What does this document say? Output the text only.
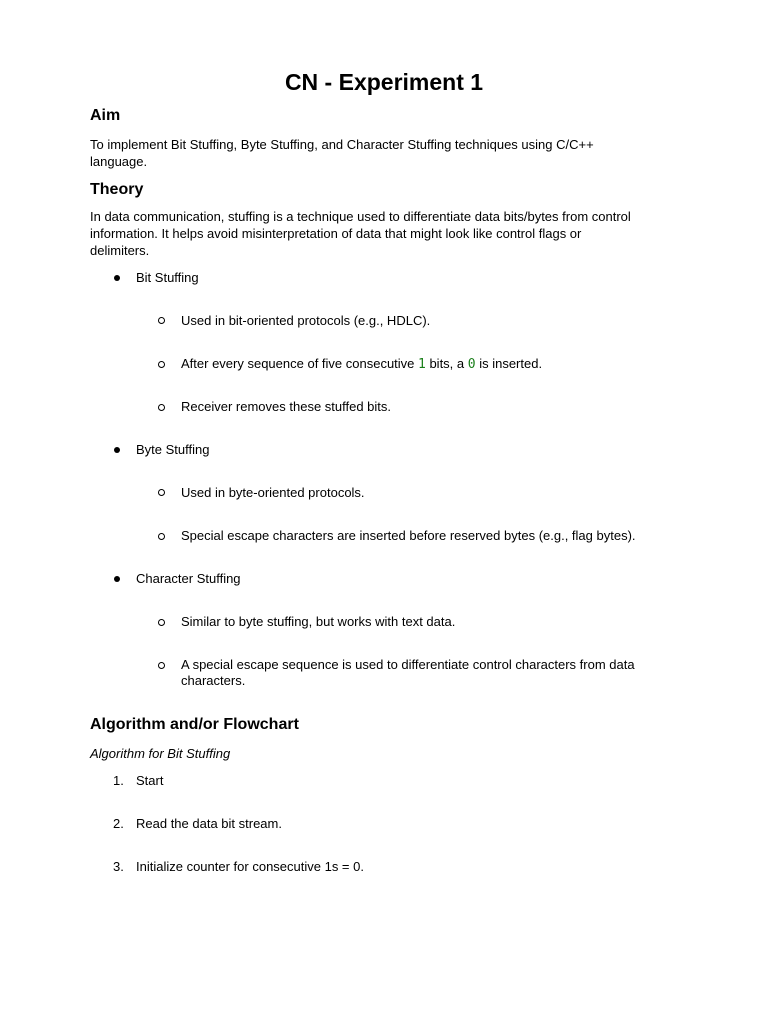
CN - Experiment 1
Aim
To implement Bit Stuffing, Byte Stuffing, and Character Stuffing techniques using C/C++
language.
Theory
In data communication, stuffing is a technique used to differentiate data bits/bytes from control
information. It helps avoid misinterpretation of data that might look like control flags or
delimiters.
Bit Stuffing
Used in bit-oriented protocols (e.g., HDLC).
After every sequence of five consecutive 1 bits, a 0 is inserted.
Receiver removes these stuffed bits.
Byte Stuffing
Used in byte-oriented protocols.
Special escape characters are inserted before reserved bytes (e.g., flag bytes).
Character Stuffing
Similar to byte stuffing, but works with text data.
A special escape sequence is used to differentiate control characters from data
characters.
Algorithm and/or Flowchart
Algorithm for Bit Stuffing
1. Start
2. Read the data bit stream.
3. Initialize counter for consecutive 1s = 0.
